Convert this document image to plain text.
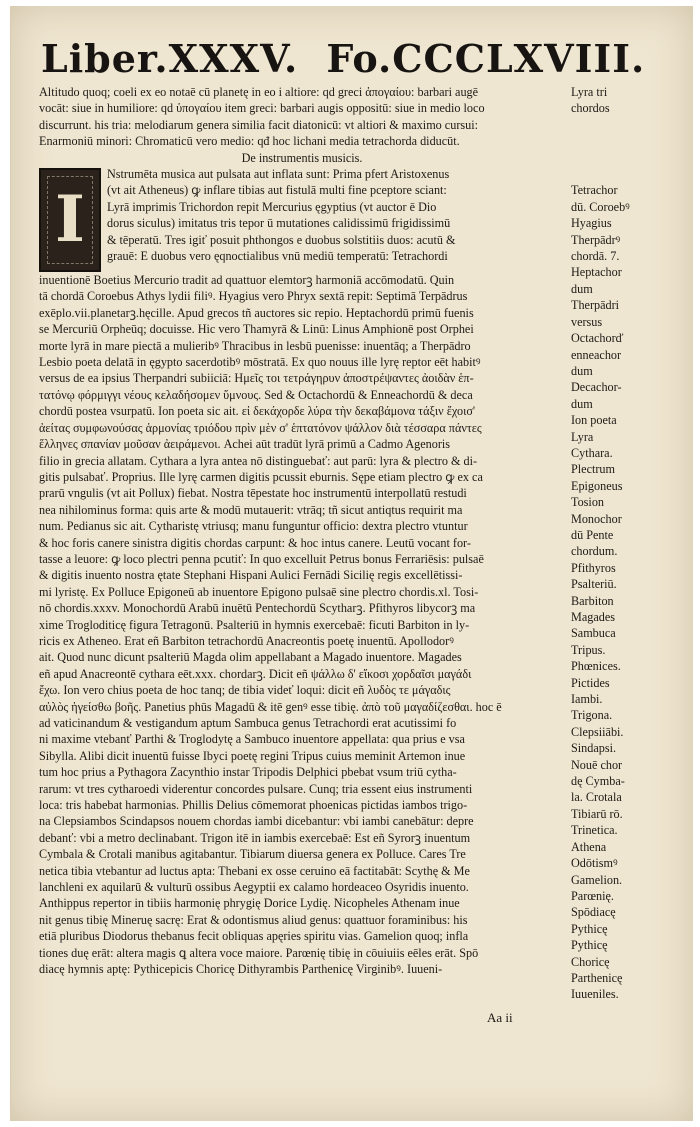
Liber.XXXV. Fo.CCCLXVIII.
Altitudo quoq; coeli ex eo notaē cū planetę in eo i altiore: qd greci ἀπογαίου: barbari augē
vocāt: siue in humiliore: qd ὑπογαίου item greci: barbari augis oppositū: siue in medio loco
discurrunt. his tria: melodiarum genera similia facit diatonicū: vt altiori & maximo cursui:
Enarmoniū minori: Chromaticū vero medio: qđ hoc lichani media tetrachorda diducūt.
De instrumentis musicis.
I
Nstrumēta musica aut pulsata aut inflata sunt: Prima pfert Aristoxenus
(vt ait Atheneus) ꝙ inflare tibias aut fistulā multi fine pceptore sciant:
Lyrā imprimis Trichordon repit Mercurius ęgyptius (vt auctor ē Dio
dorus siculus) imitatus tris tepor ū mutationes calidissimū frigidissimū
& tēperatū. Tres igiť posuit phthongos e duobus solstitiis duos: acutū &
grauē: E duobus vero ęqnoctialibus vnū mediū temperatū: Tetrachordi
inuentionē Boetius Mercurio tradit ad quattuor elemtorꝫ harmoniā accōmodatū. Quin
tā chordā Coroebus Athys lydii filiꝰ. Hyagius vero Phryx sextā repit: Septimā Terpādrus
exēplo.vii.planetarꝫ.hęcille. Apud grecos tñ auctores sic repio. Heptachordū primū fuenis
se Mercuriū Orpheūq; docuisse. Hic vero Thamyrā & Linū: Linus Amphionē post Orphei
morte lyrā in mare piectā a mulieribꝰ Thracibus in lesbū puenisse: inuentāq; a Therpādro
Lesbio poeta delatā in ęgypto sacerdotibꝰ mōstratā. Ex quo nouus ille lyrę reptor eēt habitꝰ
versus de ea ipsius Therpandri subiiciā: Ημεῖς τοι τετράγηρυν ἀποστρέψαντες ἀοιδὰν ἑπ-
τατόνῳ φόρμιγγι νέους κελαδήσομεν ὕμνους. Sed & Octachordū & Enneachordū & deca
chordū postea vsurpatū. Ion poeta sic ait. εἰ δεκάχορδε λύρα τὴν δεκαβάμονα τάξιν ἔχοισ'
ἀείτας συμφωνούσας ἁρμονίας τριόδου πρὶν μὲν σ' ἑπτατόνον ψάλλον διὰ τέσσαρα πάντες
ἕλληνες σπανίαν μοῦσαν ἀειράμενοι. Achei aūt tradūt lyrā primū a Cadmo Agenoris
filio in grecia allatam. Cythara a lyra antea nō distinguebať: aut parū: lyra & plectro & di-
gitis pulsabať. Proprius. Ille lyrę carmen digitis pcussit eburnis. Sępe etiam plectro ꝙ ex ca
prarū vngulis (vt ait Pollux) fiebat. Nostra tēpestate hoc instrumentū interpollatū restudi
nea nihilominus forma: quis arte & modū mutauerit: vtrāq; tñ sicut antiqtus requirit ma
num. Pedianus sic ait. Cytharistę vtriusq; manu funguntur officio: dextra plectro vtuntur
& hoc foris canere sinistra digitis chordas carpunt: & hoc intus canere. Leutū vocant for-
tasse a leuore: ꝙ loco plectri penna pcutiť: In quo excelluit Petrus bonus Ferrariēsis: pulsaē
& digitis inuento nostra ętate Stephani Hispani Aulici Fernādi Sicilię regis excellētissi-
mi lyristę. Ex Polluce Epigoneū ab inuentore Epigono pulsaē sine plectro chordis.xl. Tosi-
nō chordis.xxxv. Monochordū Arabū inuētū Pentechordū Scytharꝫ. Pfithyros libycorꝫ ma
xime Trogloditicę figura Tetragonū. Psalteriū in hymnis exercebaē: ficuti Barbiton in ly-
ricis ex Atheneo. Erat eñ Barbiton tetrachordū Anacreontis poetę inuentū. Apollodorꝰ
ait. Quod nunc dicunt psalteriū Magda olim appellabant a Magado inuentore. Magades
eñ apud Anacreontē cythara eēt.xxx. chordarꝫ. Dicit eñ ψάλλω δ' εἴκοσι χορδαῖσι μαγάδι
ἔχω. Ion vero chius poeta de hoc tanq; de tibia videť loqui: dicit eñ λυδὸς τε μάγαδις
αὐλὸς ἡγείσθω βοῆς. Panetius phūs Magadū & itē genꝰ esse tibię. ἀπὸ τοῦ μαγαδίζεσθαι. hoc ē
ad vaticinandum & vestigandum aptum Sambuca genus Tetrachordi erat acutissimi fo
ni maxime vtebanť Parthi & Troglodytę a Sambuco inuentore appellata: qua prius e vsa
Sibylla. Alibi dicit inuentū fuisse Ibyci poetę regini Tripus cuius meminit Artemon inue
tum hoc prius a Pythagora Zacynthio instar Tripodis Delphici pbebat vsum triū cytha-
rarum: vt tres cytharoedi viderentur concordes pulsare. Cunq; tria essent eius instrumenti
loca: tris habebat harmonias. Phillis Delius cōmemorat phoenicas pictidas iambos trigo-
na Clepsiambos Scindapsos nouem chordas iambi dicebantur: vbi iambi canebātur: depre
debanť: vbi a metro declinabant. Trigon itē in iambis exercebaē: Est eñ Syrorꝫ inuentum
Cymbala & Crotali manibus agitabantur. Tibiarum diuersa genera ex Polluce. Cares Tre
netica tibia vtebantur ad luctus apta: Thebani ex osse ceruino eā factitabāt: Scythę & Me
lanchleni ex aquilarū & vulturū ossibus Aegyptii ex calamo hordeaceo Osyridis inuento.
Anthippus repertor in tibiis harmonię phrygię Dorice Lydię. Nicopheles Athenam inue
nit genus tibię Mineruę sacrę: Erat & odontismus aliud genus: quattuor foraminibus: his
etiā pluribus Diodorus thebanus fecit obliquas apęries spiritu vias. Gamelion quoq; infla
tiones duę erāt: altera magis ꝗ altera voce maiore. Parœnię tibię in cōuiuiis eēles erāt. Spō
diacę hymnis aptę: Pythicepicis Choricę Dithyrambis Parthenicę Virginibꝰ. Iuueni-
Lyra tri
chordos

Tetrachor
dū. Coroebꝰ
Hyagius
Therpādrꝰ
chordā. 7.
Heptachor
dum
Therpādri
versus
Octachorď
enneachor
dum
Decachor-
dum
Ion poeta
Lyra
Cythara.
Plectrum
Epigoneus
Tosion
Monochor
dū Pente
chordum.
Pfithyros
Psalteriū.
Barbiton
Magades
Sambuca
Tripus.
Phœnices.
Pictides
Iambi.
Trigona.
Clepsiiābi.
Sindapsi.
Nouē chor
dę Cymba-
la. Crotala
Tibiarū rō.
Trinetica.
Athena
Odōtismꝰ
Gamelion.
Parœnię.
Spōdiacę
Pythicę
Pythicę
Choricę
Parthenicę
Iuueniles.
Aa ii
